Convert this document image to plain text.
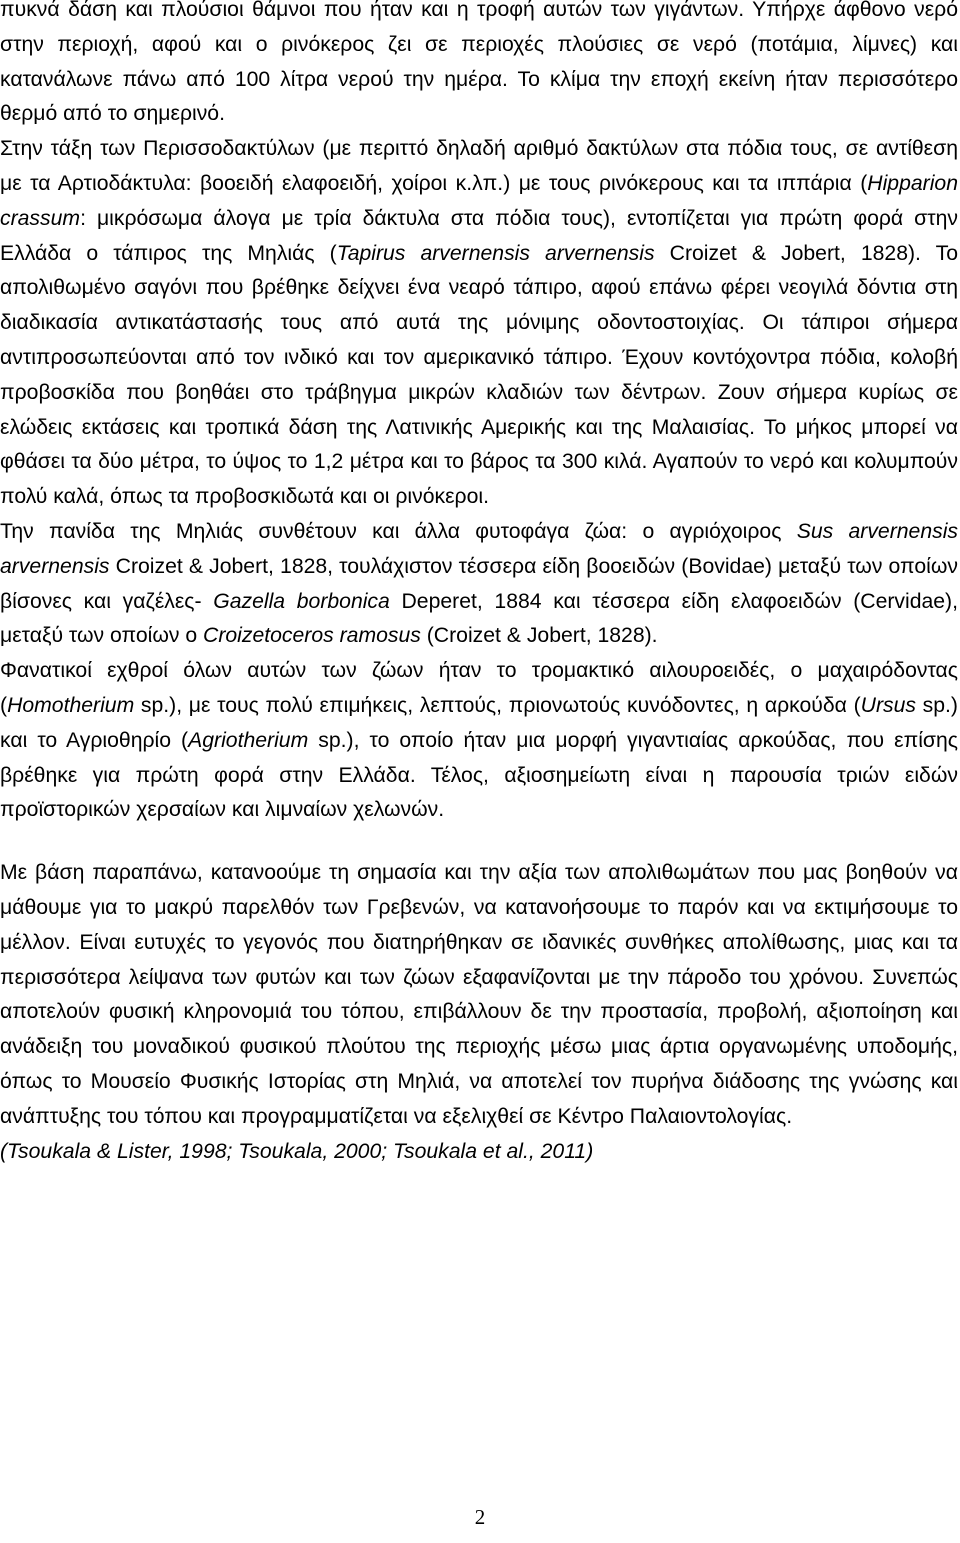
πυκνά δάση και πλούσιοι θάμνοι που ήταν και η τροφή αυτών των γιγάντων. Υπήρχε άφθονο νερό στην περιοχή, αφού και ο ρινόκερος ζει σε περιοχές πλούσιες σε νερό (ποτάμια, λίμνες) και κατανάλωνε πάνω από 100 λίτρα νερού την ημέρα. Το κλίμα την εποχή εκείνη ήταν περισσότερο θερμό από το σημερινό.

Στην τάξη των Περισσοδακτύλων (με περιττό δηλαδή αριθμό δακτύλων στα πόδια τους, σε αντίθεση με τα Αρτιοδάκτυλα: βοοειδή ελαφοειδή, χοίροι κ.λπ.) με τους ρινόκερους και τα ιππάρια (Hipparion crassum: μικρόσωμα άλογα με τρία δάκτυλα στα πόδια τους), εντοπίζεται για πρώτη φορά στην Ελλάδα ο τάπιρος της Μηλιάς (Tapirus arvernensis arvernensis Croizet & Jobert, 1828). Το απολιθωμένο σαγόνι που βρέθηκε δείχνει ένα νεαρό τάπιρο, αφού επάνω φέρει νεογιλά δόντια στη διαδικασία αντικατάστασής τους από αυτά της μόνιμης οδοντοστοιχίας. Οι τάπιροι σήμερα αντιπροσωπεύονται από τον ινδικό και τον αμερικανικό τάπιρο. Έχουν κοντόχοντρα πόδια, κολοβή προβοσκίδα που βοηθάει στο τράβηγμα μικρών κλαδιών των δέντρων. Ζουν σήμερα κυρίως σε ελώδεις εκτάσεις και τροπικά δάση της Λατινικής Αμερικής και της Μαλαισίας. Το μήκος μπορεί να φθάσει τα δύο μέτρα, το ύψος το 1,2 μέτρα και το βάρος τα 300 κιλά. Αγαπούν το νερό και κολυμπούν πολύ καλά, όπως τα προβοσκιδωτά και οι ρινόκεροι.

Την πανίδα της Μηλιάς συνθέτουν και άλλα φυτοφάγα ζώα: ο αγριόχοιρος Sus arvernensis arvernensis Croizet & Jobert, 1828, τουλάχιστον τέσσερα είδη βοοειδών (Bovidae) μεταξύ των οποίων βίσονες και γαζέλες- Gazella borbonica Deperet, 1884 και τέσσερα είδη ελαφοειδών (Cervidae), μεταξύ των οποίων ο Croizetoceros ramosus (Croizet & Jobert, 1828).

Φανατικοί εχθροί όλων αυτών των ζώων ήταν το τρομακτικό αιλουροειδές, ο μαχαιρόδοντας (Homotherium sp.), με τους πολύ επιμήκεις, λεπτούς, πριονωτούς κυνόδοντες, η αρκούδα (Ursus sp.) και το Αγριοθηρίο (Agriotherium sp.), το οποίο ήταν μια μορφή γιγαντιαίας αρκούδας, που επίσης βρέθηκε για πρώτη φορά στην Ελλάδα. Τέλος, αξιοσημείωτη είναι η παρουσία τριών ειδών προϊστορικών χερσαίων και λιμναίων χελωνών.

Με βάση παραπάνω, κατανοούμε τη σημασία και την αξία των απολιθωμάτων που μας βοηθούν να μάθουμε για το μακρύ παρελθόν των Γρεβενών, να κατανοήσουμε το παρόν και να εκτιμήσουμε το μέλλον. Είναι ευτυχές το γεγονός που διατηρήθηκαν σε ιδανικές συνθήκες απολίθωσης, μιας και τα περισσότερα λείψανα των φυτών και των ζώων εξαφανίζονται με την πάροδο του χρόνου. Συνεπώς αποτελούν φυσική κληρονομιά του τόπου, επιβάλλουν δε την προστασία, προβολή, αξιοποίηση και ανάδειξη του μοναδικού φυσικού πλούτου της περιοχής μέσω μιας άρτια οργανωμένης υποδομής, όπως το Μουσείο Φυσικής Ιστορίας στη Μηλιά, να αποτελεί τον πυρήνα διάδοσης της γνώσης και ανάπτυξης του τόπου και προγραμματίζεται να εξελιχθεί σε Κέντρο Παλαιοντολογίας.

(Tsoukala & Lister, 1998; Tsoukala, 2000; Tsoukala et al., 2011)

2
